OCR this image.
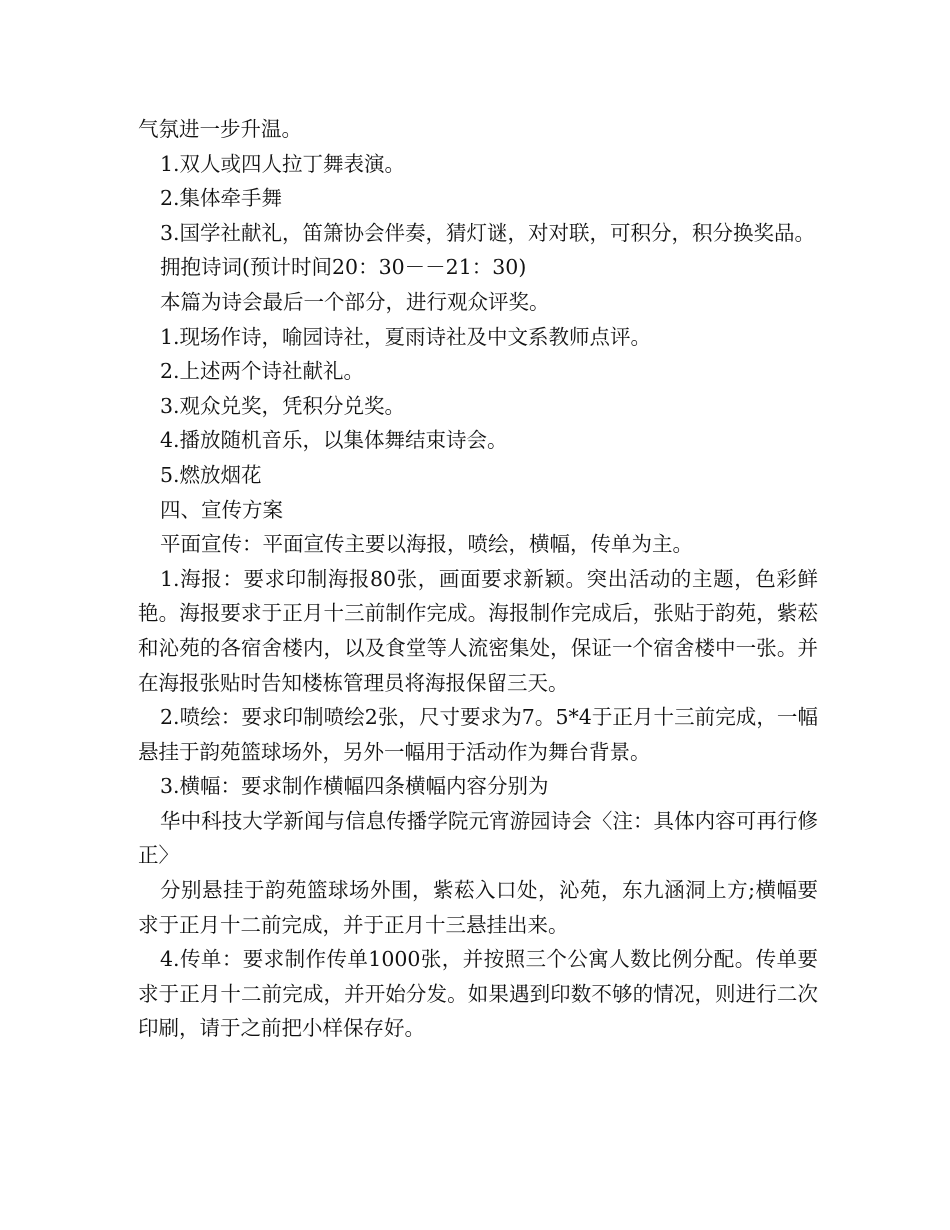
气氛进一步升温。

1.双人或四人拉丁舞表演。

2.集体牵手舞

3.国学社献礼，笛箫协会伴奏，猜灯谜，对对联，可积分，积分换奖品。

拥抱诗词(预计时间20：30－－21：30)

本篇为诗会最后一个部分，进行观众评奖。

1.现场作诗，喻园诗社，夏雨诗社及中文系教师点评。

2.上述两个诗社献礼。

3.观众兑奖，凭积分兑奖。

4.播放随机音乐，以集体舞结束诗会。

5.燃放烟花

四、宣传方案

平面宣传：平面宣传主要以海报，喷绘，横幅，传单为主。

1.海报：要求印制海报80张，画面要求新颖。突出活动的主题，色彩鲜艳。海报要求于正月十三前制作完成。海报制作完成后，张贴于韵苑，紫菘和沁苑的各宿舍楼内，以及食堂等人流密集处，保证一个宿舍楼中一张。并在海报张贴时告知楼栋管理员将海报保留三天。

2.喷绘：要求印制喷绘2张，尺寸要求为7。5*4于正月十三前完成，一幅悬挂于韵苑篮球场外，另外一幅用于活动作为舞台背景。

3.横幅：要求制作横幅四条横幅内容分别为

华中科技大学新闻与信息传播学院元宵游园诗会〈注：具体内容可再行修正〉

分别悬挂于韵苑篮球场外围，紫菘入口处，沁苑，东九涵洞上方;横幅要求于正月十二前完成，并于正月十三悬挂出来。

4.传单：要求制作传单1000张，并按照三个公寓人数比例分配。传单要求于正月十二前完成，并开始分发。如果遇到印数不够的情况，则进行二次印刷，请于之前把小样保存好。
